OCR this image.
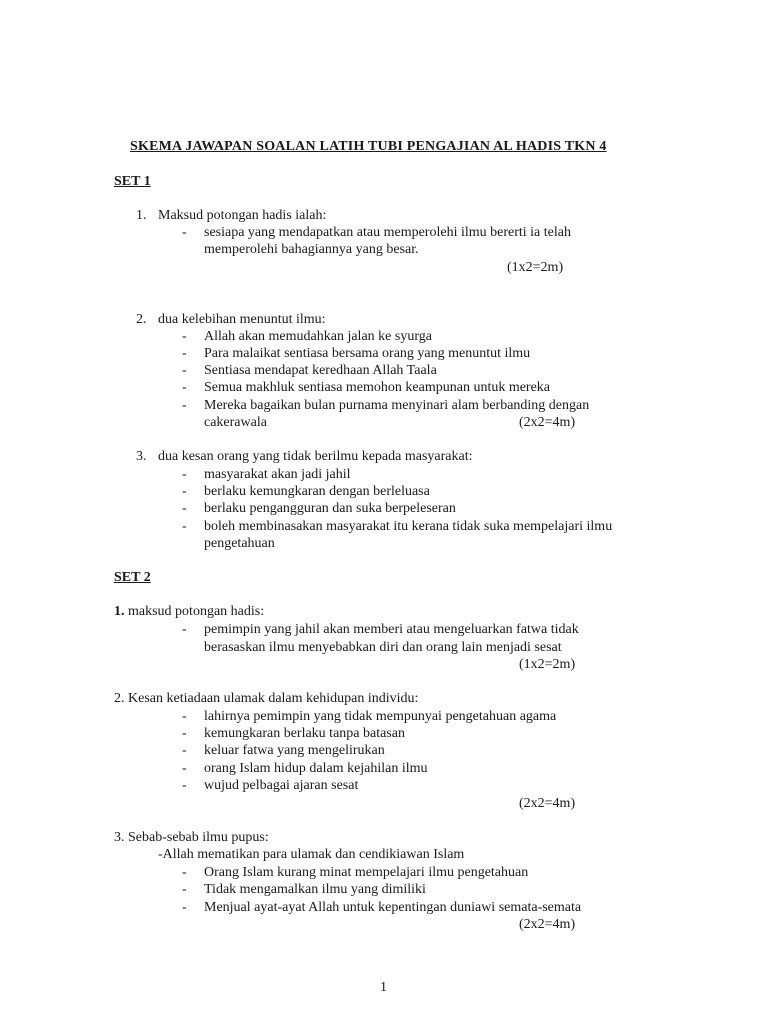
SKEMA JAWAPAN SOALAN LATIH TUBI PENGAJIAN AL HADIS TKN 4
SET 1
1. Maksud potongan hadis ialah:
- sesiapa yang mendapatkan atau memperolehi ilmu bererti ia telah
memperolehi bahagiannya yang besar.
(1x2=2m)
2. dua kelebihan menuntut ilmu:
- Allah akan memudahkan jalan ke syurga
- Para malaikat sentiasa bersama orang yang menuntut ilmu
- Sentiasa mendapat keredhaan Allah Taala
- Semua makhluk sentiasa memohon keampunan untuk mereka
- Mereka bagaikan bulan purnama menyinari alam berbanding dengan
cakerawala	(2x2=4m)
3. dua kesan orang yang tidak berilmu kepada masyarakat:
- masyarakat akan jadi jahil
- berlaku kemungkaran dengan berleluasa
- berlaku pengangguran dan suka berpeleseran
- boleh membinasakan masyarakat itu kerana tidak suka mempelajari ilmu
pengetahuan
SET 2
1. maksud potongan hadis:
- pemimpin yang jahil akan memberi atau mengeluarkan fatwa tidak
berasaskan ilmu menyebabkan diri dan orang lain menjadi sesat
(1x2=2m)
2. Kesan ketiadaan ulamak dalam kehidupan individu:
- lahirnya pemimpin yang tidak mempunyai pengetahuan agama
- kemungkaran berlaku tanpa batasan
- keluar fatwa yang mengelirukan
- orang Islam hidup dalam kejahilan ilmu
- wujud pelbagai ajaran sesat
(2x2=4m)
3. Sebab-sebab ilmu pupus:
-Allah mematikan para ulamak dan cendikiawan Islam
- Orang Islam kurang minat mempelajari ilmu pengetahuan
- Tidak mengamalkan ilmu yang dimiliki
- Menjual ayat-ayat Allah untuk kepentingan duniawi semata-semata
(2x2=4m)
1
